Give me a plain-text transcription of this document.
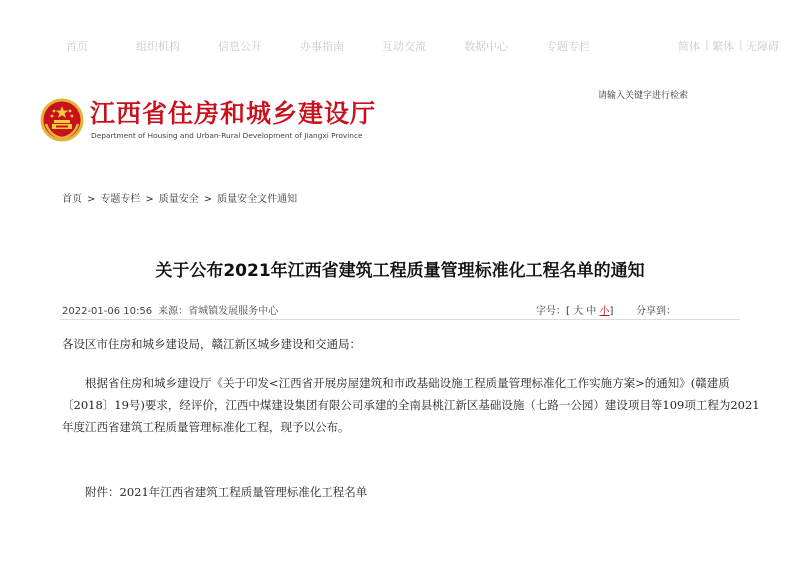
首页	组织机构	信息公开	办事指南	互动交流	数据中心	专题专栏	简体 | 繁体 | 无障碍
请输入关键字进行检索
江西省住房和城乡建设厅
Department of Housing and Urban-Rural Development of Jiangxi Province
首页 > 专题专栏 > 质量安全 > 质量安全文件通知
关于公布2021年江西省建筑工程质量管理标准化工程名单的通知
2022-01-06 10:56 来源：省城镇发展服务中心	字号：[ 大 中 小] 分享到：
各设区市住房和城乡建设局，赣江新区城乡建设和交通局：
根据省住房和城乡建设厅《关于印发<江西省开展房屋建筑和市政基础设施工程质量管理标准化工作实施方案>的通知》(赣建质〔2018〕19号)要求，经评价，江西中煤建设集团有限公司承建的全南县桃江新区基础设施（七路一公园）建设项目等109项工程为2021年度江西省建筑工程质量管理标准化工程，现予以公布。
附件：2021年江西省建筑工程质量管理标准化工程名单
